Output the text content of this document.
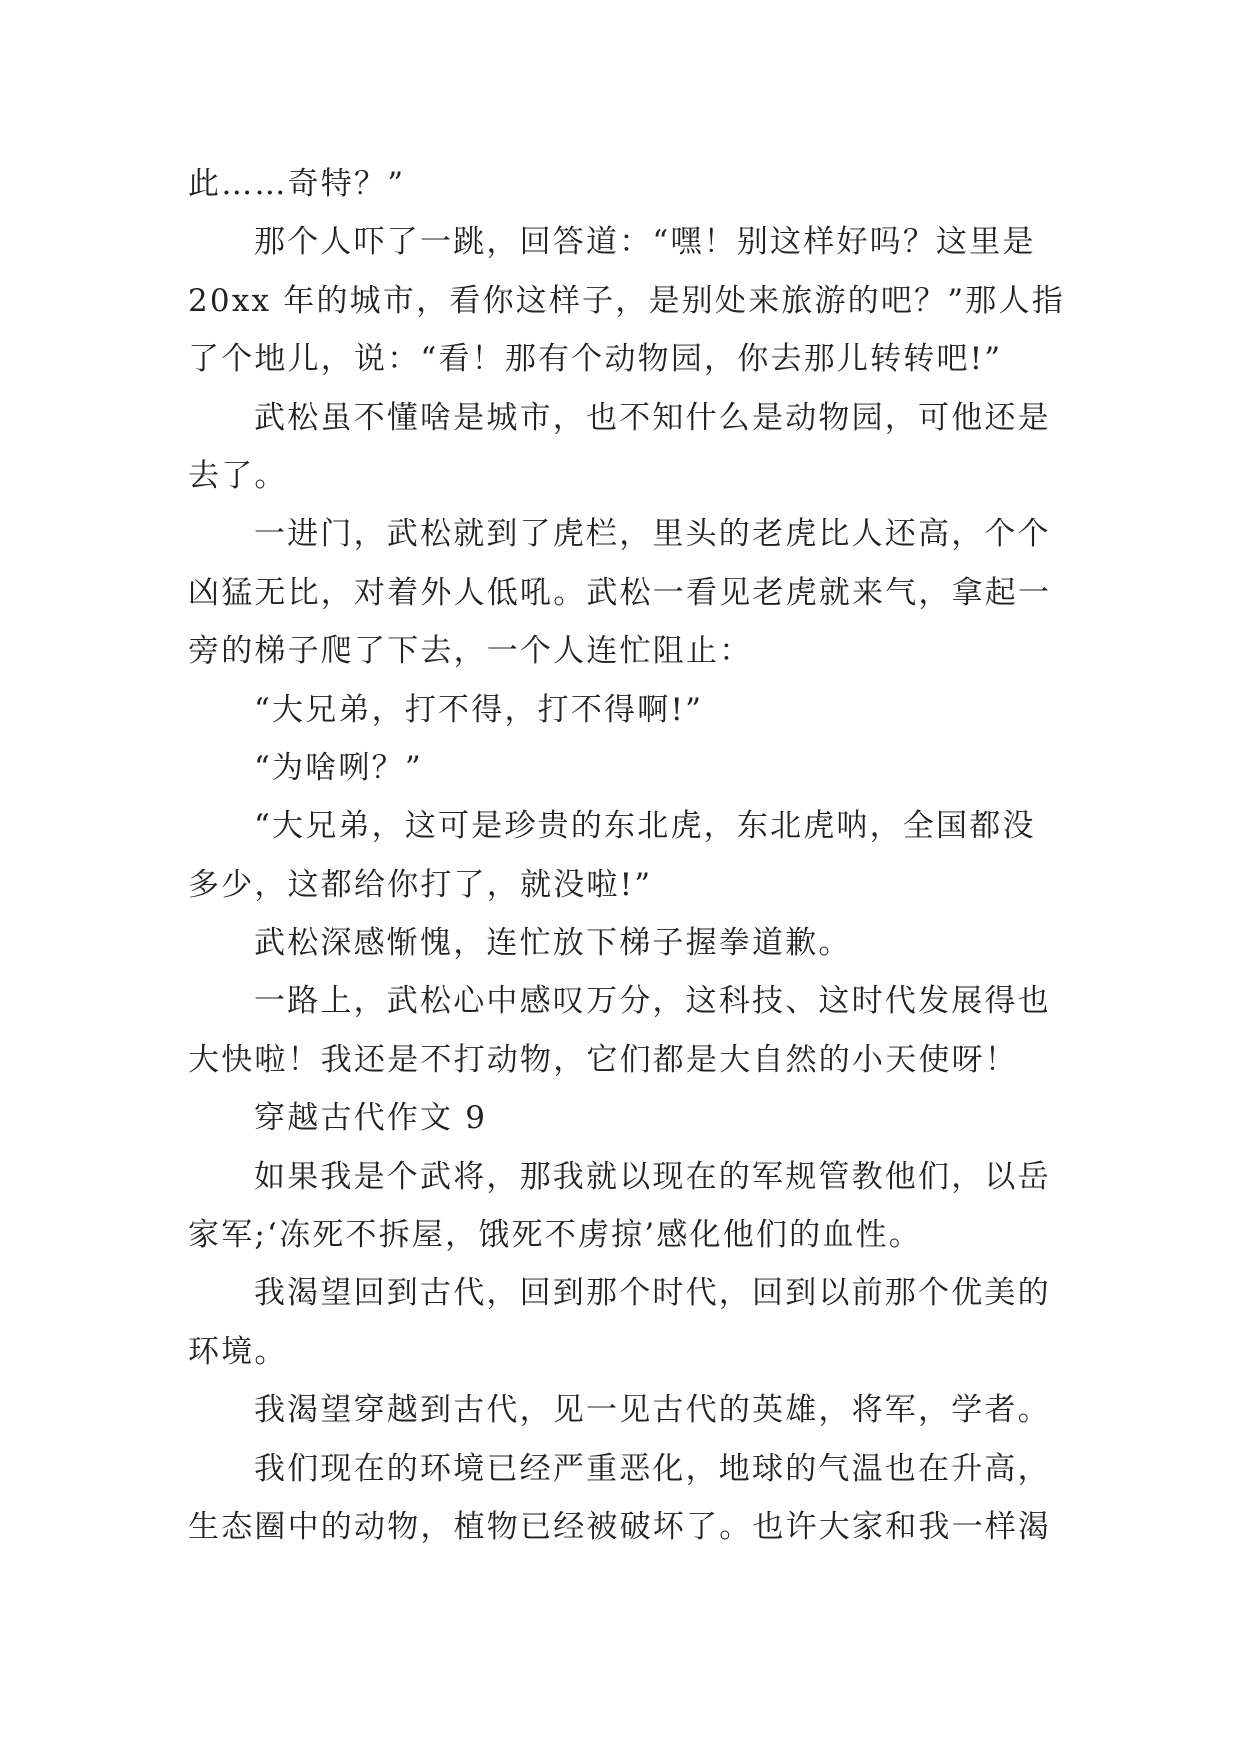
此……奇特？”
那个人吓了一跳，回答道：“嘿！别这样好吗？这里是
20xx 年的城市，看你这样子，是别处来旅游的吧？”那人指
了个地儿，说：“看！那有个动物园，你去那儿转转吧!”
武松虽不懂啥是城市，也不知什么是动物园，可他还是
去了。
一进门，武松就到了虎栏，里头的老虎比人还高，个个
凶猛无比，对着外人低吼。武松一看见老虎就来气，拿起一
旁的梯子爬了下去，一个人连忙阻止：
“大兄弟，打不得，打不得啊!”
“为啥咧？”
“大兄弟，这可是珍贵的东北虎，东北虎呐，全国都没
多少，这都给你打了，就没啦!”
武松深感惭愧，连忙放下梯子握拳道歉。
一路上，武松心中感叹万分，这科技、这时代发展得也
大快啦！我还是不打动物，它们都是大自然的小天使呀！
穿越古代作文 9
如果我是个武将，那我就以现在的军规管教他们，以岳
家军;‘冻死不拆屋，饿死不虏掠’感化他们的血性。
我渴望回到古代，回到那个时代，回到以前那个优美的
环境。
我渴望穿越到古代，见一见古代的英雄，将军，学者。
我们现在的环境已经严重恶化，地球的气温也在升高，
生态圈中的动物，植物已经被破坏了。也许大家和我一样渴
